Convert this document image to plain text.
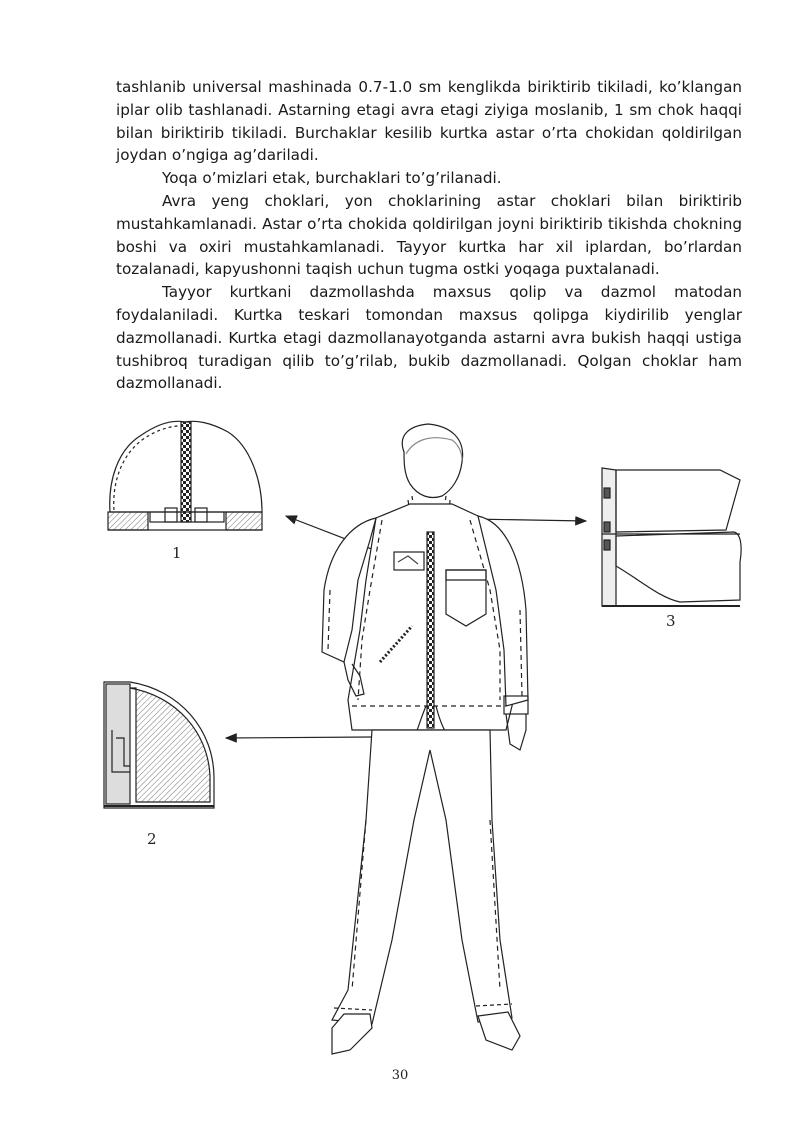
tashlanib universal mashinada 0.7-1.0 sm kenglikda biriktirib tikiladi, ko’klangan iplar olib tashlanadi. Astarning etagi avra etagi ziyiga moslanib, 1 sm chok haqqi bilan biriktirib tikiladi. Burchaklar kesilib kurtka astar o’rta chokidan qoldirilgan joydan o’ngiga ag’dariladi.

Yoqa o’mizlari etak, burchaklari to’g’rilanadi.

Avra yeng choklari, yon choklarining astar choklari bilan biriktirib mustahkamlanadi. Astar o’rta chokida qoldirilgan joyni biriktirib tikishda chokning boshi va oxiri mustahkamlanadi. Tayyor kurtka har xil iplardan, bo’rlardan tozalanadi, kapyushonni taqish uchun tugma ostki yoqaga puxtalanadi.

Tayyor kurtkani dazmollashda maxsus qolip va dazmol matodan foydalaniladi. Kurtka teskari tomondan maxsus qolipga kiydirilib yenglar dazmollanadi. Kurtka etagi dazmollanayotganda astarni avra bukish haqqi ustiga tushibroq turadigan qilib to’g’rilab, bukib dazmollanadi. Qolgan choklar ham dazmollanadi.

1
2
3
30
